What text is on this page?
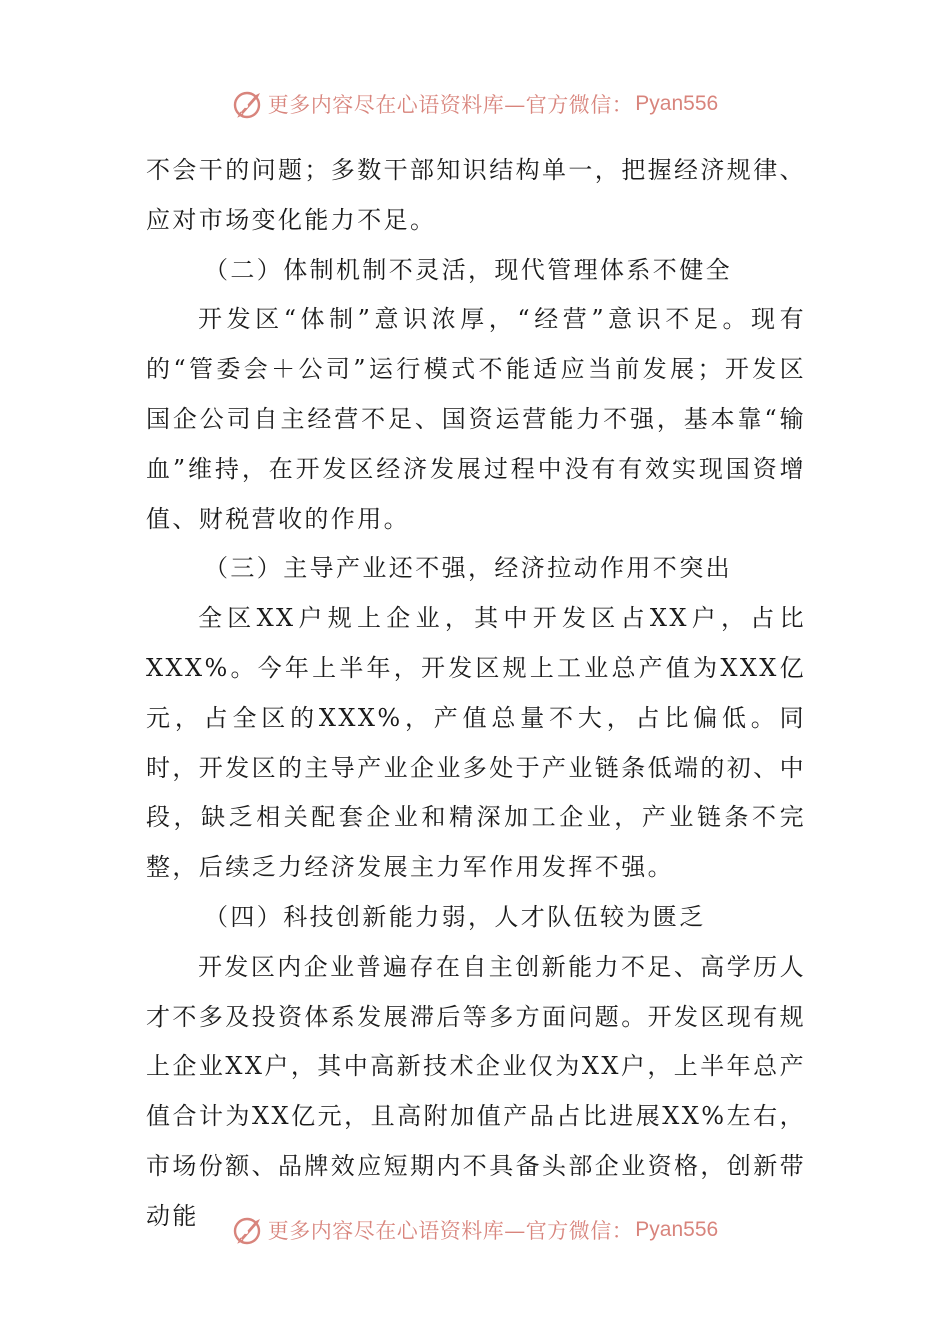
更多内容尽在心语资料库—官方微信： Pyan556

不会干的问题；多数干部知识结构单一，把握经济规律、应对市场变化能力不足。

（二）体制机制不灵活，现代管理体系不健全

开发区“体制”意识浓厚，“经营”意识不足。现有的“管委会＋公司”运行模式不能适应当前发展；开发区国企公司自主经营不足、国资运营能力不强，基本靠“输血”维持，在开发区经济发展过程中没有有效实现国资增值、财税营收的作用。

（三）主导产业还不强，经济拉动作用不突出

全区XX户规上企业，其中开发区占XX户，占比XXX%。今年上半年，开发区规上工业总产值为XXX亿元，占全区的XXX%，产值总量不大，占比偏低。同时，开发区的主导产业企业多处于产业链条低端的初、中段，缺乏相关配套企业和精深加工企业，产业链条不完整，后续乏力经济发展主力军作用发挥不强。

（四）科技创新能力弱，人才队伍较为匮乏

开发区内企业普遍存在自主创新能力不足、高学历人才不多及投资体系发展滞后等多方面问题。开发区现有规上企业XX户，其中高新技术企业仅为XX户，上半年总产值合计为XX亿元，且高附加值产品占比进展XX%左右，市场份额、品牌效应短期内不具备头部企业资格，创新带动能

更多内容尽在心语资料库—官方微信： Pyan556
